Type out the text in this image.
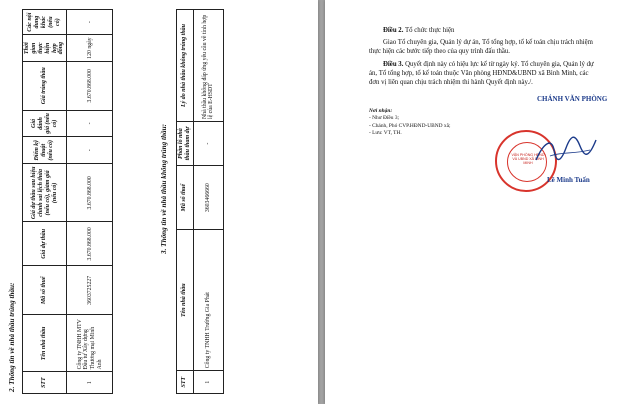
2. Thông tin về nhà thầu trúng thầu:	STT	Tên nhà thầu	Mã số thuế	Giá dự thầu	Giá dự thầu sau hiệu chỉnh sai lệch thừa (nếu có), giảm giá (nếu có)	Điểm kỹ thuật (nếu có)	Giá đánh giá (nếu có)	Giá trúng thầu	Thời gian thực hiện hợp đồng	Các nội dung khác (nếu có)
1	Công ty TNHH MTV Đầu tư Xây dựng Thương mại Minh Anh	3603725227	3.670.868.000	3.670.868.000	-	-	3.670.868.000	120 ngày	-
3. Thông tin về nhà thầu không trúng thầu:
STT	Tên nhà thầu	Mã số thuế	Phần lô nhà thầu tham dự	Lý do nhà thầu không trúng thầu
1	Công ty TNHH Trường Gia Phát	3603466660	-	Nhà thầu không đáp ứng yêu cầu về tính hợp lệ của E-HSDT
Điều 2. Tổ chức thực hiện
Giao Tổ chuyên gia, Quản lý dự án, Tổ tổng hợp, tổ kế toán chịu trách nhiệm thực hiện các bước tiếp theo của quy trình đấu thầu.
Điều 3. Quyết định này có hiệu lực kể từ ngày ký. Tổ chuyên gia, Quản lý dự án, Tổ tổng hợp, tổ kế toán thuộc Văn phòng HĐND&UBND xã Bình Minh, các đơn vị liên quan chịu trách nhiệm thi hành Quyết định này./.
Nơi nhận:
- Như Điều 3;
- Chánh, Phó CVP.HĐND-UBND xã;
- Lưu: VT, TH.
CHÁNH VĂN PHÒNG
VĂN PHÒNG HĐND VÀ UBND XÃ BÌNH MINH
Lê Minh Tuấn
